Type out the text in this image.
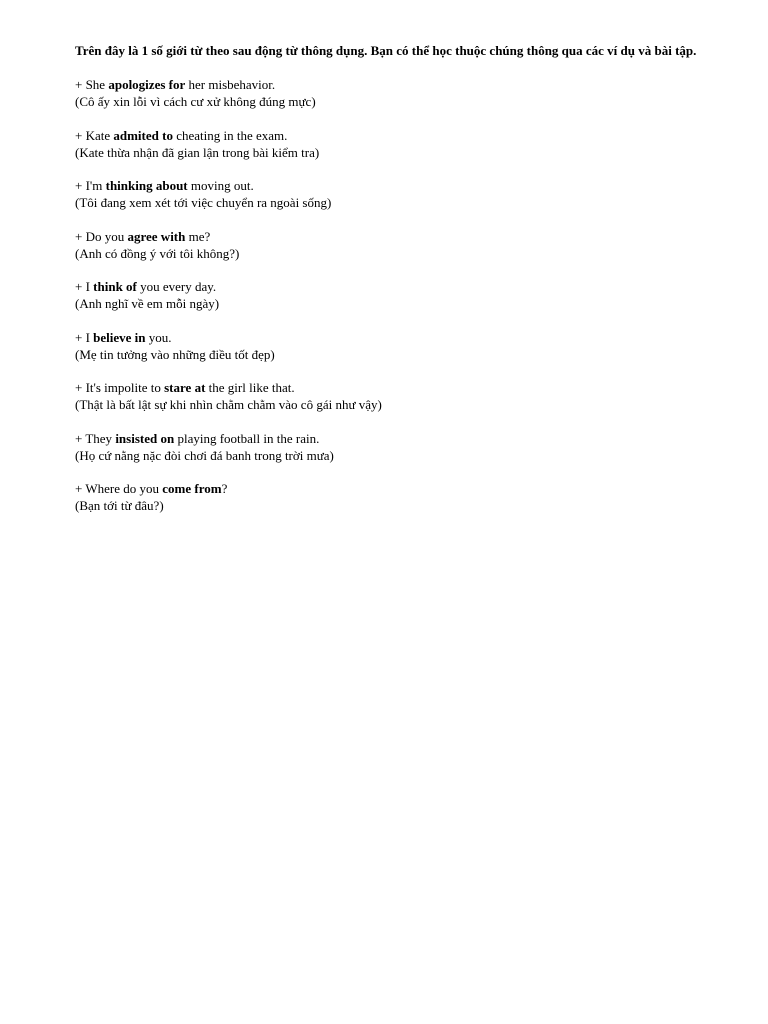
Trên đây là 1 số giới từ theo sau động từ thông dụng. Bạn có thể học thuộc chúng thông qua các ví dụ và bài tập.

+ She apologizes for her misbehavior.
(Cô ấy xin lỗi vì cách cư xử không đúng mực)
+ Kate admited to cheating in the exam.
(Kate thừa nhận đã gian lận trong bài kiểm tra)
+ I'm thinking about moving out.
(Tôi đang xem xét tới việc chuyển ra ngoài sống)
+ Do you agree with me?
(Anh có đồng ý với tôi không?)
+ I think of you every day.
(Anh nghĩ về em mỗi ngày)
+ I believe in you.
(Mẹ tin tưởng vào những điều tốt đẹp)
+ It's impolite to stare at the girl like that.
(Thật là bất lật sự khi nhìn chằm chằm vào cô gái như vậy)
+ They insisted on playing football in the rain.
(Họ cứ nằng nặc đòi chơi đá banh trong trời mưa)
+ Where do you come from?
(Bạn tới từ đâu?)
